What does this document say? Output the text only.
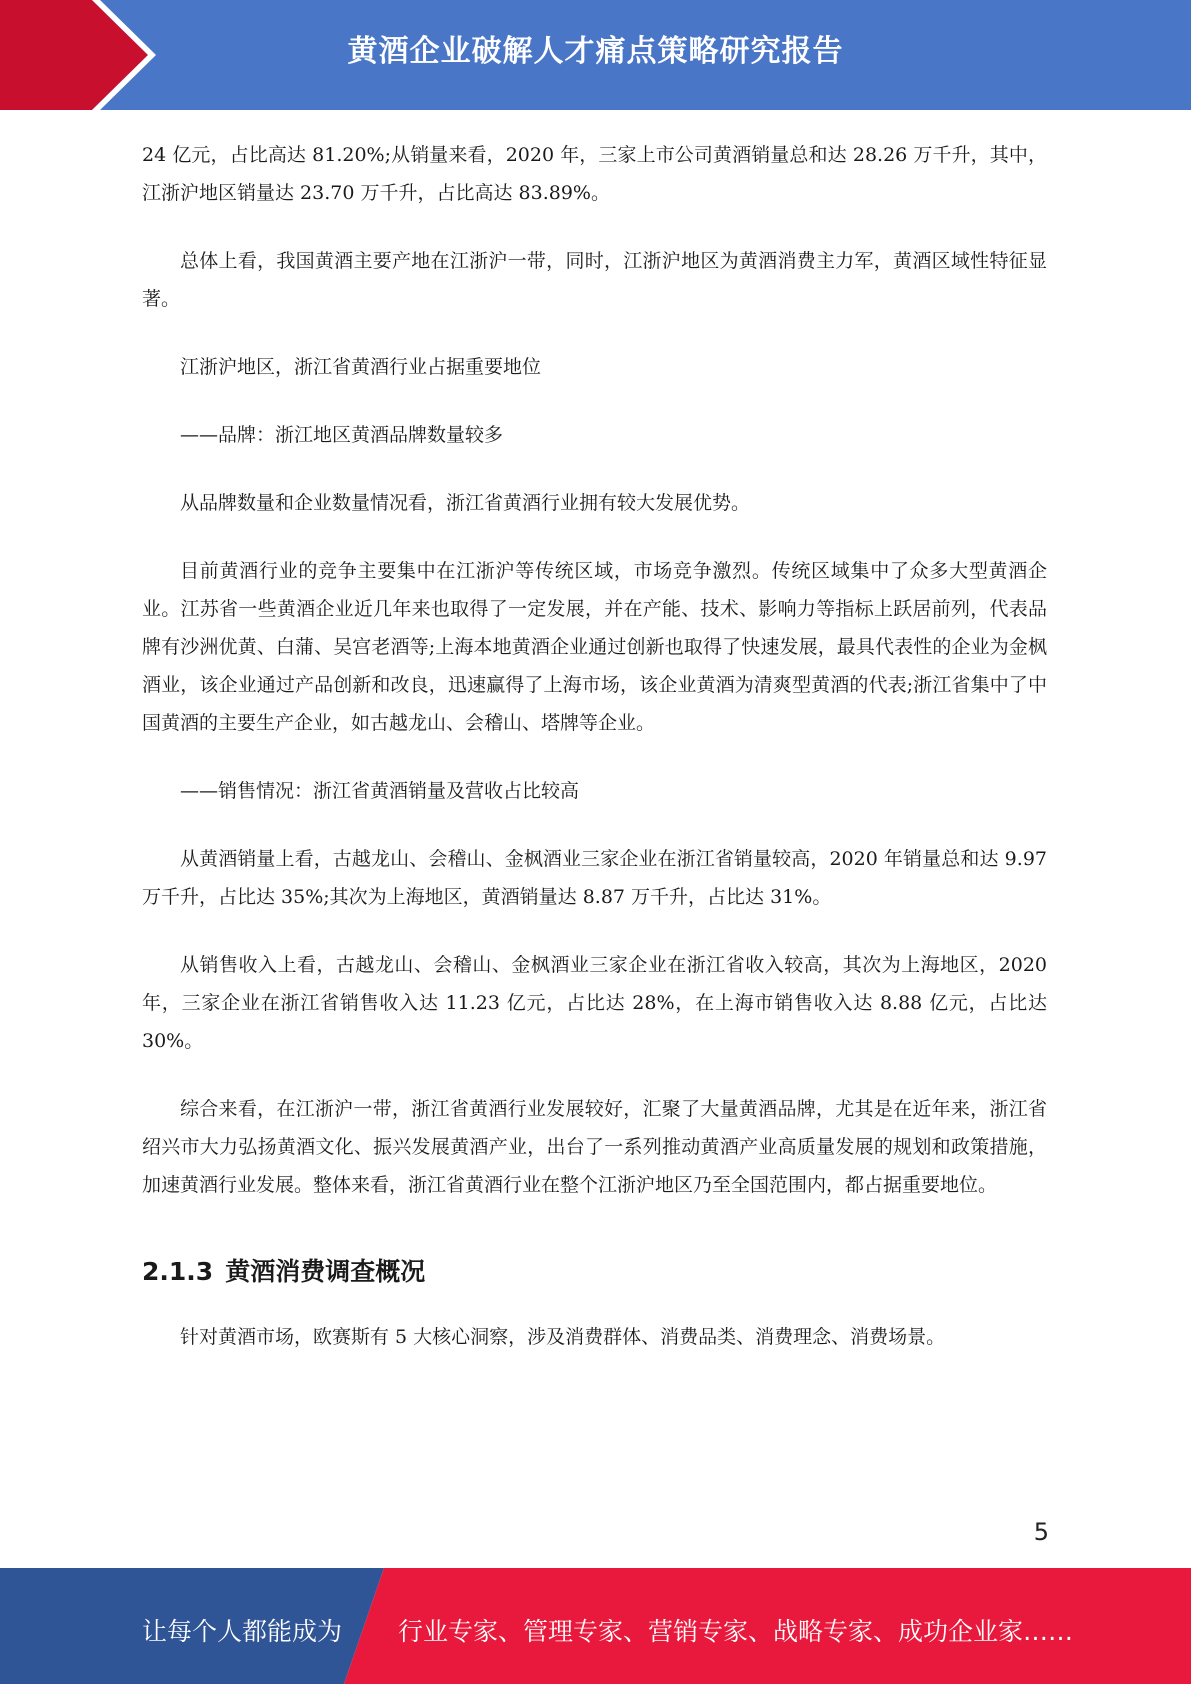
黄酒企业破解人才痛点策略研究报告

24 亿元，占比高达 81.20%;从销量来看，2020 年，三家上市公司黄酒销量总和达 28.26 万千升，其中，江浙沪地区销量达 23.70 万千升，占比高达 83.89%。

总体上看，我国黄酒主要产地在江浙沪一带，同时，江浙沪地区为黄酒消费主力军，黄酒区域性特征显著。

江浙沪地区，浙江省黄酒行业占据重要地位

——品牌：浙江地区黄酒品牌数量较多

从品牌数量和企业数量情况看，浙江省黄酒行业拥有较大发展优势。

目前黄酒行业的竞争主要集中在江浙沪等传统区域，市场竞争激烈。传统区域集中了众多大型黄酒企业。江苏省一些黄酒企业近几年来也取得了一定发展，并在产能、技术、影响力等指标上跃居前列，代表品牌有沙洲优黄、白蒲、吴宫老酒等;上海本地黄酒企业通过创新也取得了快速发展，最具代表性的企业为金枫酒业，该企业通过产品创新和改良，迅速赢得了上海市场，该企业黄酒为清爽型黄酒的代表;浙江省集中了中国黄酒的主要生产企业，如古越龙山、会稽山、塔牌等企业。

——销售情况：浙江省黄酒销量及营收占比较高

从黄酒销量上看，古越龙山、会稽山、金枫酒业三家企业在浙江省销量较高，2020 年销量总和达 9.97 万千升，占比达 35%;其次为上海地区，黄酒销量达 8.87 万千升，占比达 31%。

从销售收入上看，古越龙山、会稽山、金枫酒业三家企业在浙江省收入较高，其次为上海地区，2020 年，三家企业在浙江省销售收入达 11.23 亿元，占比达 28%，在上海市销售收入达 8.88 亿元，占比达 30%。

综合来看，在江浙沪一带，浙江省黄酒行业发展较好，汇聚了大量黄酒品牌，尤其是在近年来，浙江省绍兴市大力弘扬黄酒文化、振兴发展黄酒产业，出台了一系列推动黄酒产业高质量发展的规划和政策措施，加速黄酒行业发展。整体来看，浙江省黄酒行业在整个江浙沪地区乃至全国范围内，都占据重要地位。

2.1.3 黄酒消费调查概况

针对黄酒市场，欧赛斯有 5 大核心洞察，涉及消费群体、消费品类、消费理念、消费场景。

5
让每个人都能成为 行业专家、管理专家、营销专家、战略专家、成功企业家……
